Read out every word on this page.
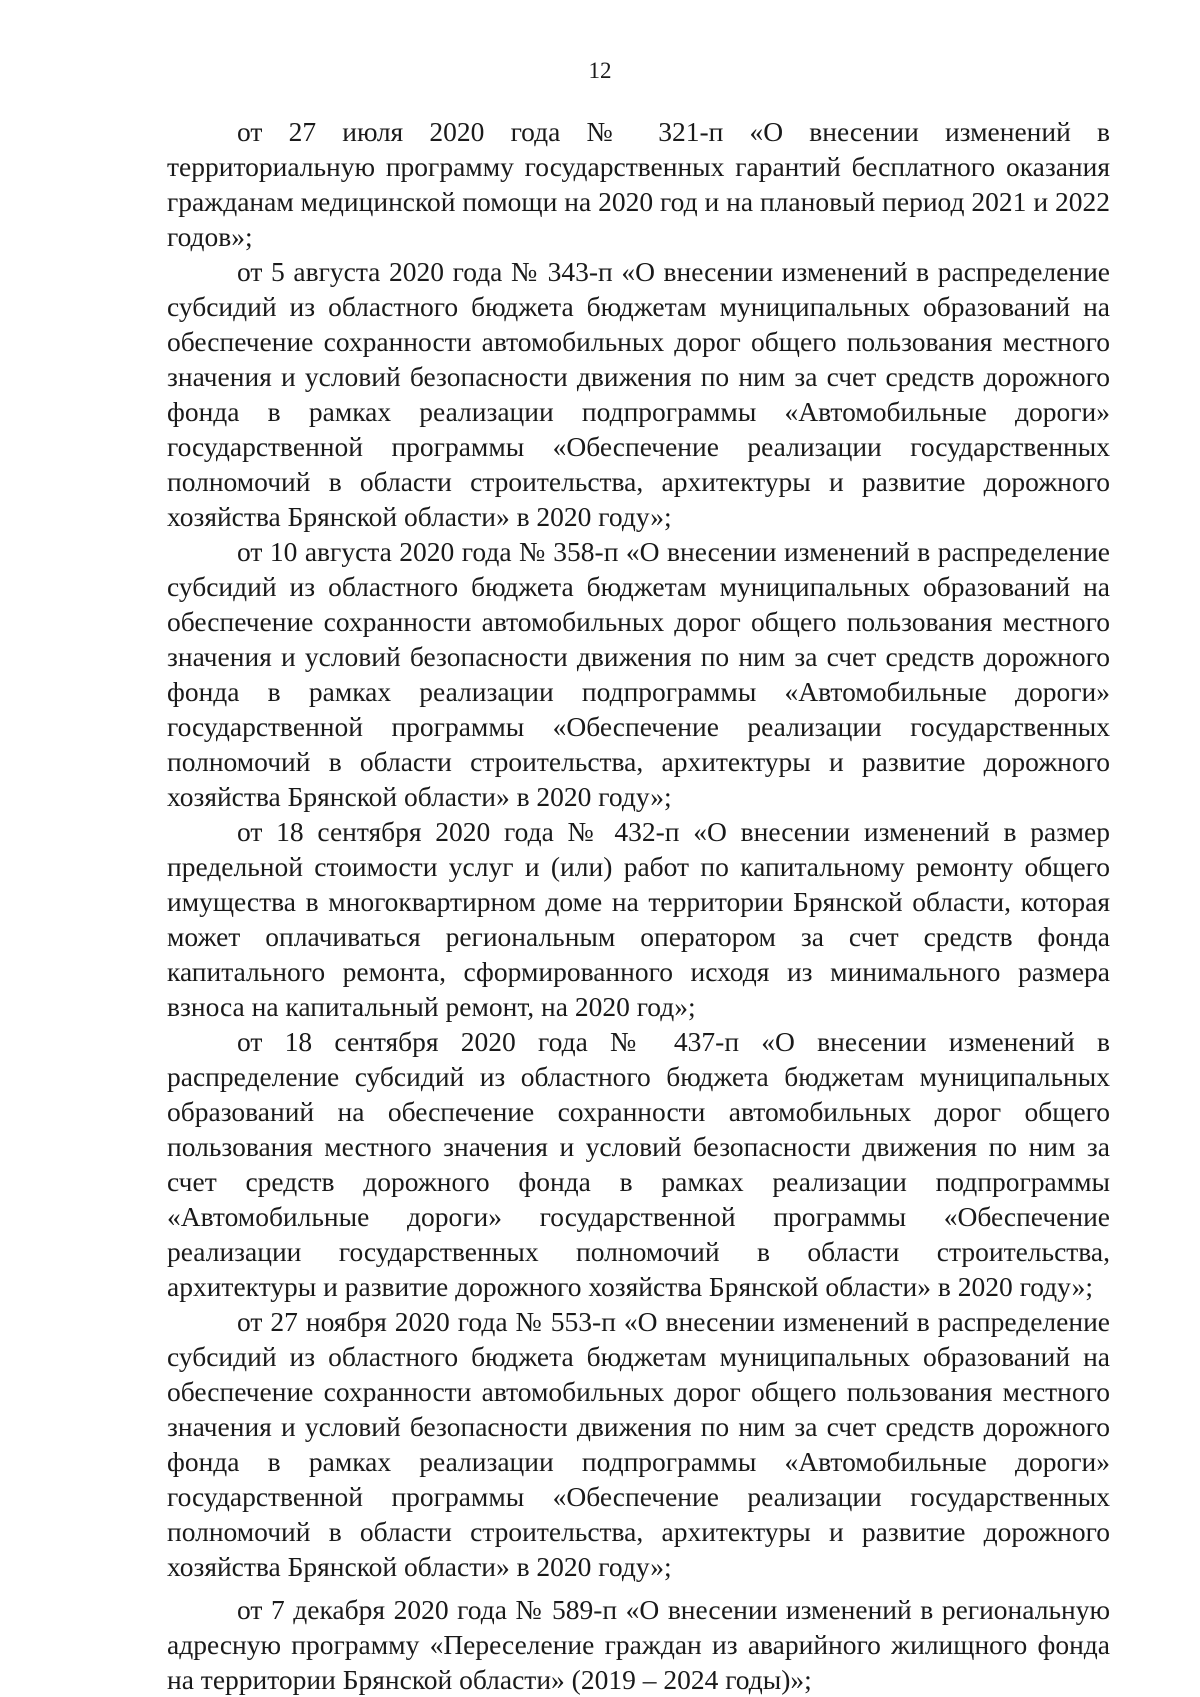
12

от 27 июля 2020 года № 321-п «О внесении изменений в территориальную программу государственных гарантий бесплатного оказания гражданам медицинской помощи на 2020 год и на плановый период 2021 и 2022 годов»;

от 5 августа 2020 года № 343-п «О внесении изменений в распределение субсидий из областного бюджета бюджетам муниципальных образований на обеспечение сохранности автомобильных дорог общего пользования местного значения и условий безопасности движения по ним за счет средств дорожного фонда в рамках реализации подпрограммы «Автомобильные дороги» государственной программы «Обеспечение реализации государственных полномочий в области строительства, архитектуры и развитие дорожного хозяйства Брянской области» в 2020 году»;

от 10 августа 2020 года № 358-п «О внесении изменений в распределение субсидий из областного бюджета бюджетам муниципальных образований на обеспечение сохранности автомобильных дорог общего пользования местного значения и условий безопасности движения по ним за счет средств дорожного фонда в рамках реализации подпрограммы «Автомобильные дороги» государственной программы «Обеспечение реализации государственных полномочий в области строительства, архитектуры и развитие дорожного хозяйства Брянской области» в 2020 году»;

от 18 сентября 2020 года № 432-п «О внесении изменений в размер предельной стоимости услуг и (или) работ по капитальному ремонту общего имущества в многоквартирном доме на территории Брянской области, которая может оплачиваться региональным оператором за счет средств фонда капитального ремонта, сформированного исходя из минимального размера взноса на капитальный ремонт, на 2020 год»;

от 18 сентября 2020 года № 437-п «О внесении изменений в распределение субсидий из областного бюджета бюджетам муниципальных образований на обеспечение сохранности автомобильных дорог общего пользования местного значения и условий безопасности движения по ним за счет средств дорожного фонда в рамках реализации подпрограммы «Автомобильные дороги» государственной программы «Обеспечение реализации государственных полномочий в области строительства, архитектуры и развитие дорожного хозяйства Брянской области» в 2020 году»;

от 27 ноября 2020 года № 553-п «О внесении изменений в распределение субсидий из областного бюджета бюджетам муниципальных образований на обеспечение сохранности автомобильных дорог общего пользования местного значения и условий безопасности движения по ним за счет средств дорожного фонда в рамках реализации подпрограммы «Автомобильные дороги» государственной программы «Обеспечение реализации государственных полномочий в области строительства, архитектуры и развитие дорожного хозяйства Брянской области» в 2020 году»;

от 7 декабря 2020 года № 589-п «О внесении изменений в региональную адресную программу «Переселение граждан из аварийного жилищного фонда на территории Брянской области» (2019 – 2024 годы)»;
